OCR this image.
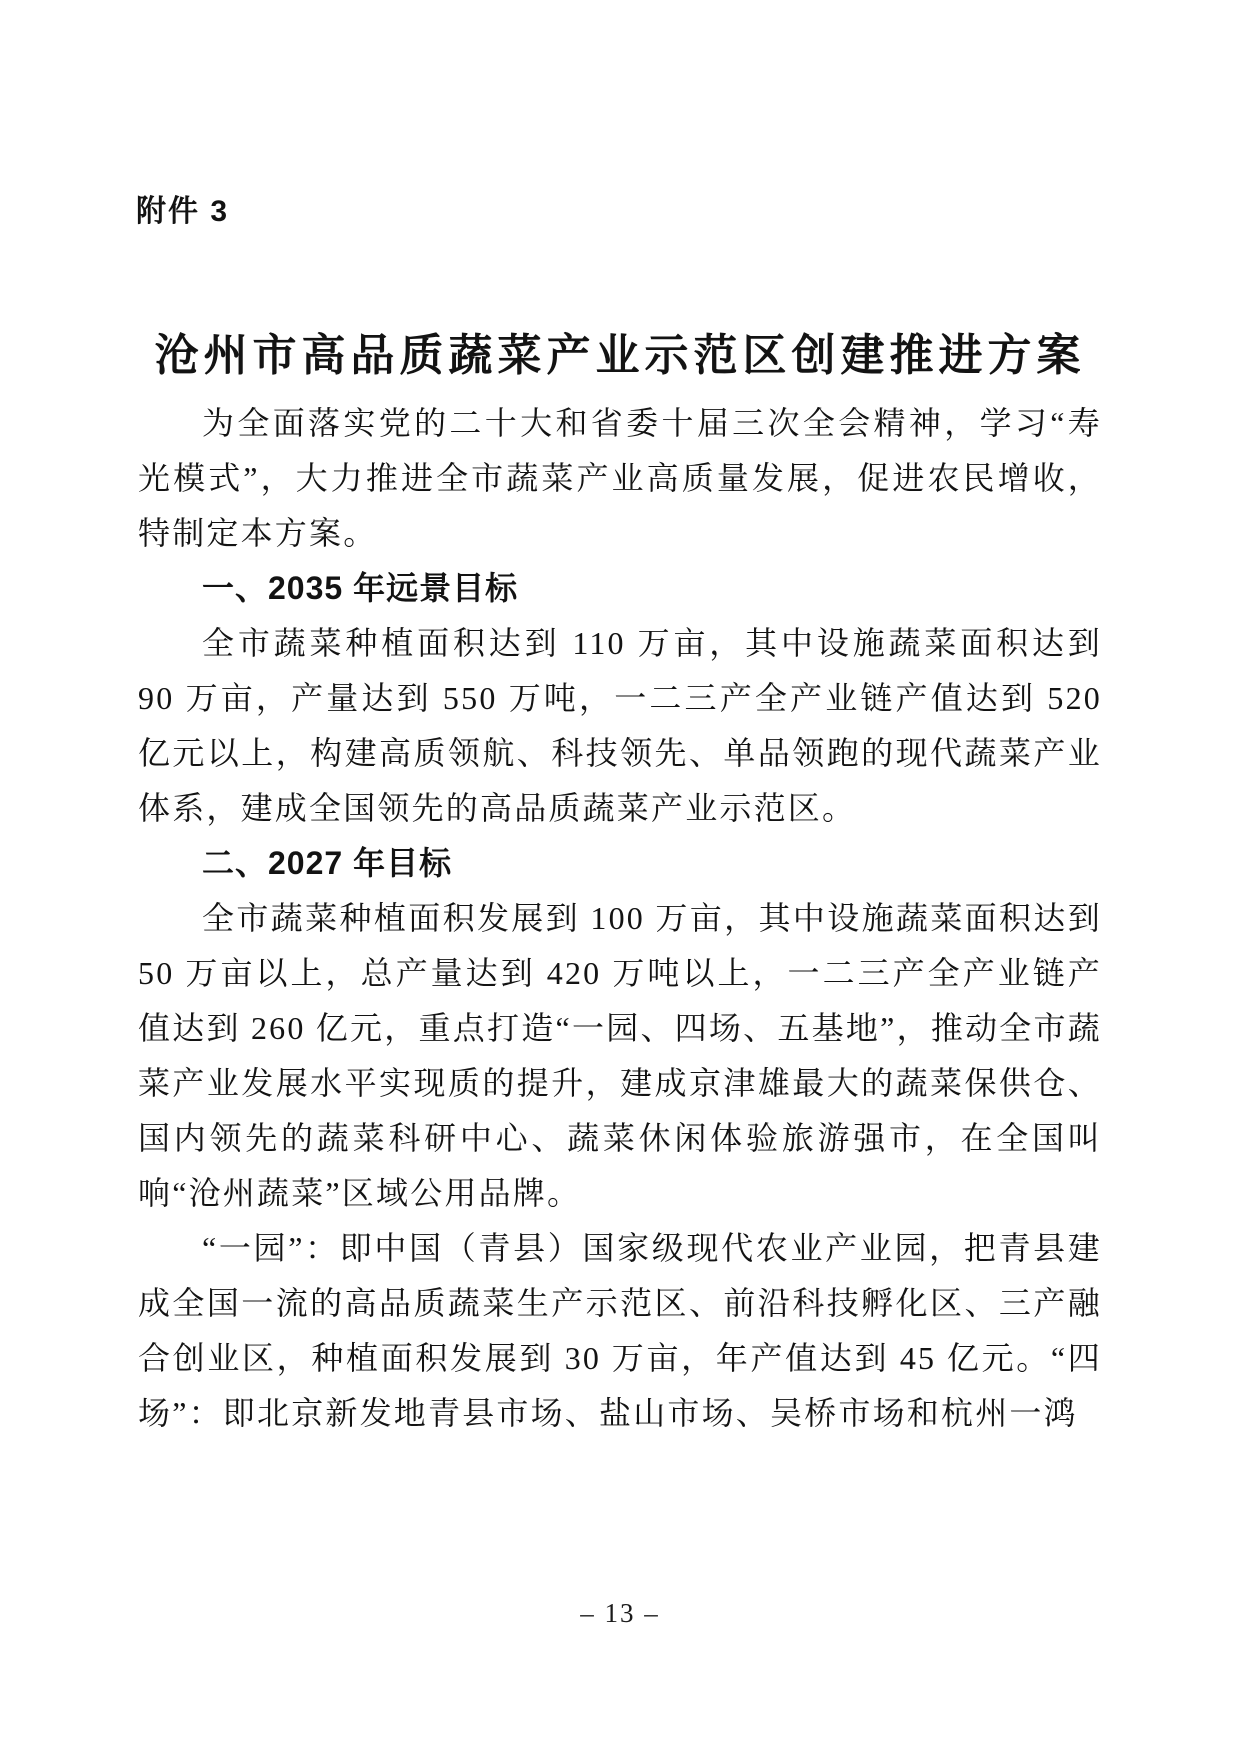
附件 3
沧州市高品质蔬菜产业示范区创建推进方案

为全面落实党的二十大和省委十届三次全会精神，学习“寿光模式”，大力推进全市蔬菜产业高质量发展，促进农民增收，特制定本方案。

一、2035 年远景目标

全市蔬菜种植面积达到 110 万亩，其中设施蔬菜面积达到 90 万亩，产量达到 550 万吨，一二三产全产业链产值达到 520 亿元以上，构建高质领航、科技领先、单品领跑的现代蔬菜产业体系，建成全国领先的高品质蔬菜产业示范区。

二、2027 年目标

全市蔬菜种植面积发展到 100 万亩，其中设施蔬菜面积达到 50 万亩以上，总产量达到 420 万吨以上，一二三产全产业链产值达到 260 亿元，重点打造“一园、四场、五基地”，推动全市蔬菜产业发展水平实现质的提升，建成京津雄最大的蔬菜保供仓、国内领先的蔬菜科研中心、蔬菜休闲体验旅游强市，在全国叫响“沧州蔬菜”区域公用品牌。

“一园”：即中国（青县）国家级现代农业产业园，把青县建成全国一流的高品质蔬菜生产示范区、前沿科技孵化区、三产融合创业区，种植面积发展到 30 万亩，年产值达到 45 亿元。“四场”：即北京新发地青县市场、盐山市场、吴桥市场和杭州一鸿

– 13 –
